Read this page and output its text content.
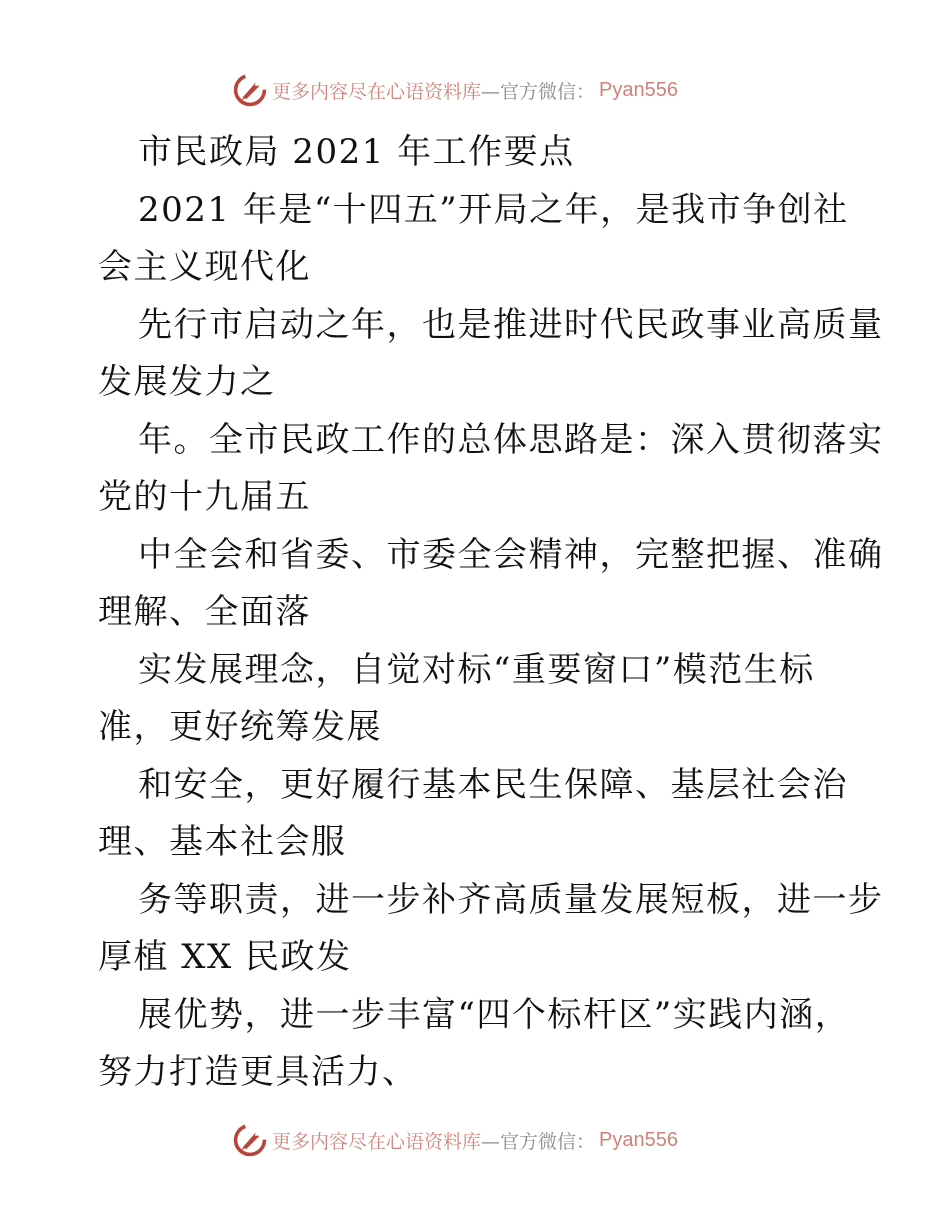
更多内容尽在心语资料库 —官方微信： Pyan556
市民政局 2021 年工作要点
2021 年是“十四五”开局之年，是我市争创社
会主义现代化
先行市启动之年，也是推进时代民政事业高质量
发展发力之
年。全市民政工作的总体思路是：深入贯彻落实
党的十九届五
中全会和省委、市委全会精神，完整把握、准确
理解、全面落
实发展理念，自觉对标“重要窗口”模范生标
准，更好统筹发展
和安全，更好履行基本民生保障、基层社会治
理、基本社会服
务等职责，进一步补齐高质量发展短板，进一步
厚植 XX 民政发
展优势，进一步丰富“四个标杆区”实践内涵，
努力打造更具活力、
更多内容尽在心语资料库 —官方微信： Pyan556
